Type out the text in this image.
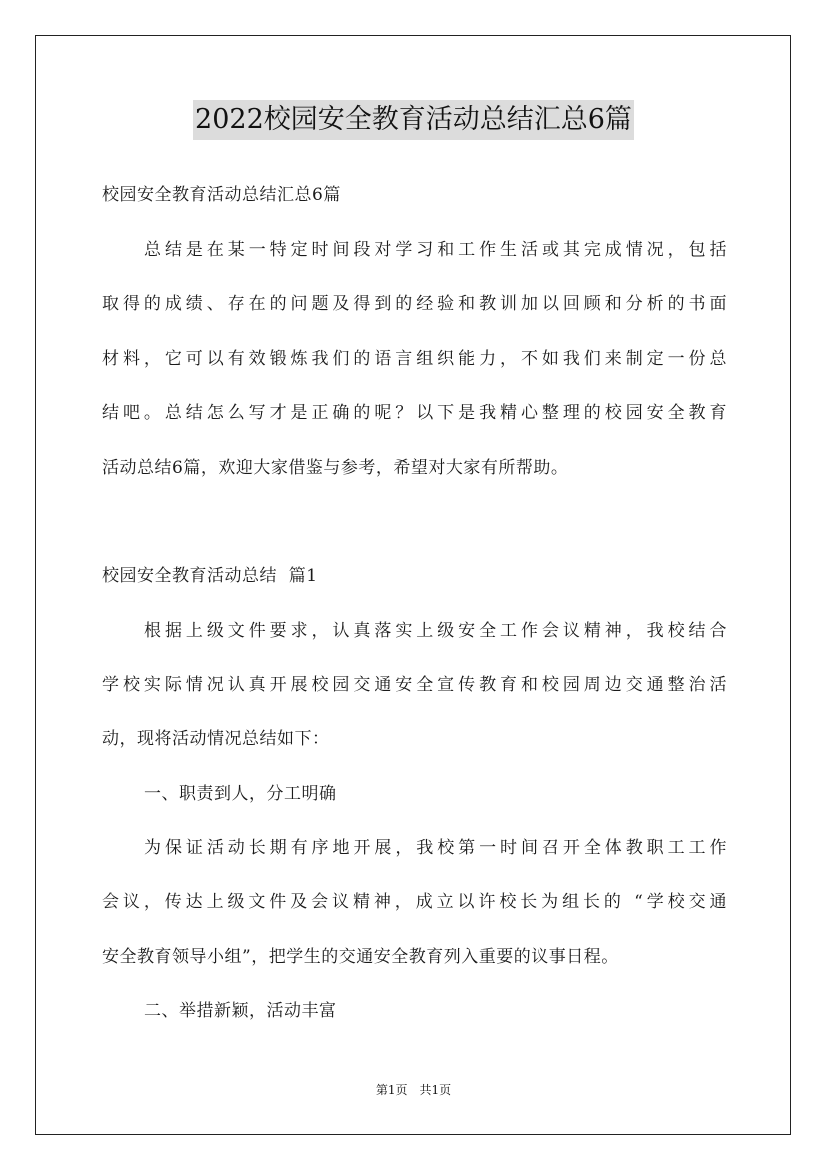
2022校园安全教育活动总结汇总6篇
校园安全教育活动总结汇总6篇
总结是在某一特定时间段对学习和工作生活或其完成情况，包括
取得的成绩、存在的问题及得到的经验和教训加以回顾和分析的书面
材料，它可以有效锻炼我们的语言组织能力，不如我们来制定一份总
结吧。总结怎么写才是正确的呢？以下是我精心整理的校园安全教育
活动总结6篇，欢迎大家借鉴与参考，希望对大家有所帮助。
校园安全教育活动总结  篇1
根据上级文件要求，认真落实上级安全工作会议精神，我校结合
学校实际情况认真开展校园交通安全宣传教育和校园周边交通整治活
动，现将活动情况总结如下：
一、职责到人，分工明确
为保证活动长期有序地开展，我校第一时间召开全体教职工工作
会议，传达上级文件及会议精神，成立以许校长为组长的 “学校交通
安全教育领导小组”，把学生的交通安全教育列入重要的议事日程。
二、举措新颖，活动丰富
第1页 共1页
